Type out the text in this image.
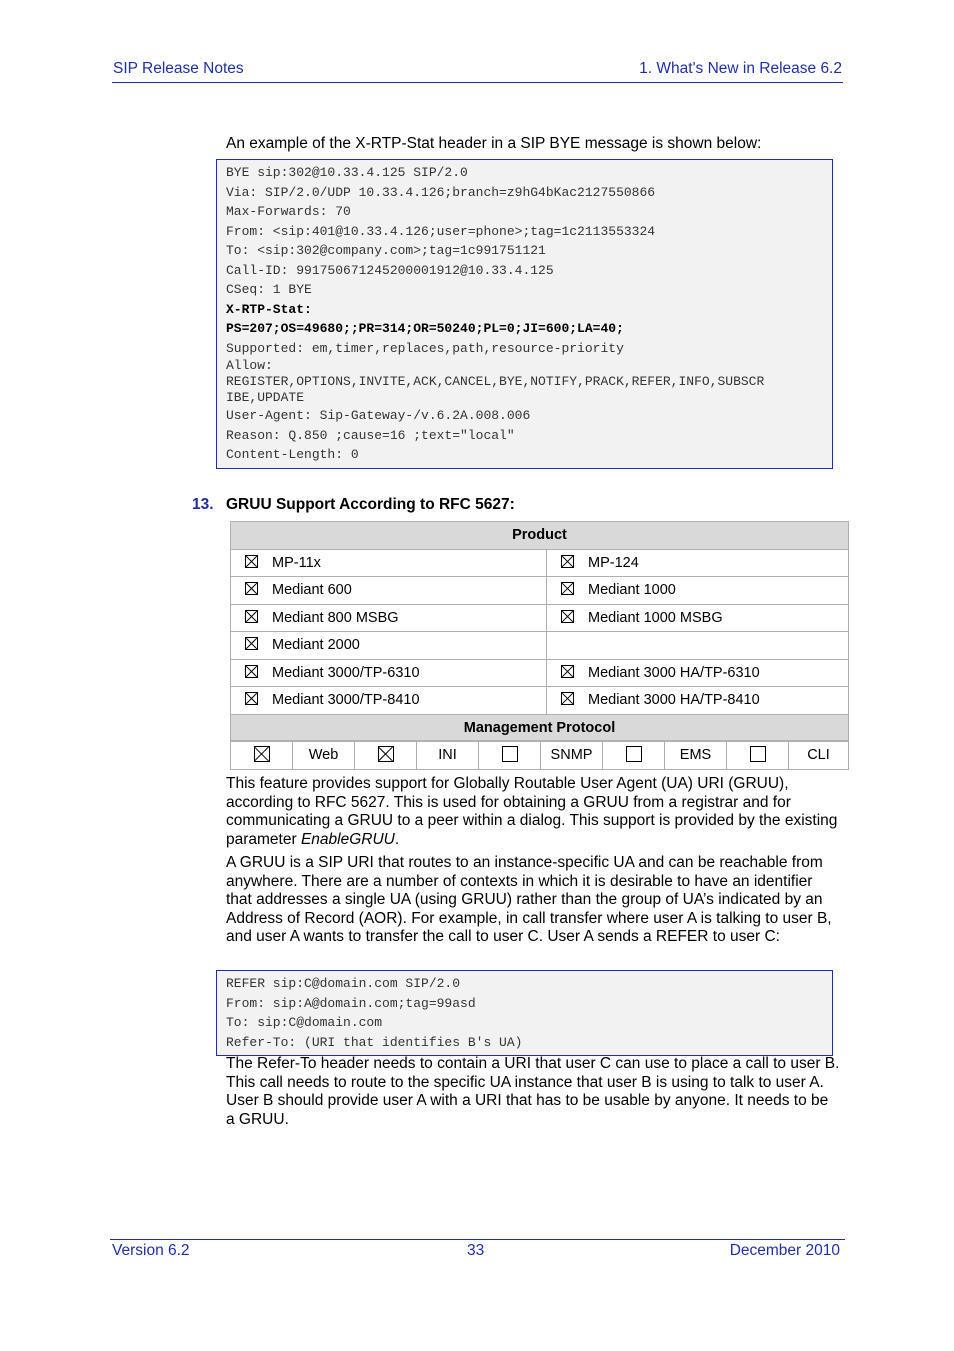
SIP Release Notes	1. What's New in Release 6.2
An example of the X-RTP-Stat header in a SIP BYE message is shown below:
BYE sip:302@10.33.4.125 SIP/2.0
Via: SIP/2.0/UDP 10.33.4.126;branch=z9hG4bKac2127550866
Max-Forwards: 70
From: <sip:401@10.33.4.126;user=phone>;tag=1c2113553324
To: <sip:302@company.com>;tag=1c991751121
Call-ID: 991750671245200001912@10.33.4.125
CSeq: 1 BYE
X-RTP-Stat:
PS=207;OS=49680;;PR=314;OR=50240;PL=0;JI=600;LA=40;
Supported: em,timer,replaces,path,resource-priority
Allow:
REGISTER,OPTIONS,INVITE,ACK,CANCEL,BYE,NOTIFY,PRACK,REFER,INFO,SUBSCR
IBE,UPDATE
User-Agent: Sip-Gateway-/v.6.2A.008.006
Reason: Q.850 ;cause=16 ;text="local"
Content-Length: 0
13. GRUU Support According to RFC 5627:
Product	
MP-11x	MP-124
Mediant 600	Mediant 1000
Mediant 800 MSBG	Mediant 1000 MSBG
Mediant 2000	
Mediant 3000/TP-6310	Mediant 3000 HA/TP-6310
Mediant 3000/TP-8410	Mediant 3000 HA/TP-8410
Management Protocol	
	Web		INI		SNMP		EMS		CLI
This feature provides support for Globally Routable User Agent (UA) URI (GRUU), according to RFC 5627. This is used for obtaining a GRUU from a registrar and for communicating a GRUU to a peer within a dialog. This support is provided by the existing parameter EnableGRUU.
A GRUU is a SIP URI that routes to an instance-specific UA and can be reachable from anywhere. There are a number of contexts in which it is desirable to have an identifier that addresses a single UA (using GRUU) rather than the group of UA’s indicated by an Address of Record (AOR). For example, in call transfer where user A is talking to user B, and user A wants to transfer the call to user C. User A sends a REFER to user C:
REFER sip:C@domain.com SIP/2.0
From: sip:A@domain.com;tag=99asd
To: sip:C@domain.com
Refer-To: (URI that identifies B's UA)
The Refer-To header needs to contain a URI that user C can use to place a call to user B. This call needs to route to the specific UA instance that user B is using to talk to user A. User B should provide user A with a URI that has to be usable by anyone. It needs to be a GRUU.
Version 6.2	33	December 2010
